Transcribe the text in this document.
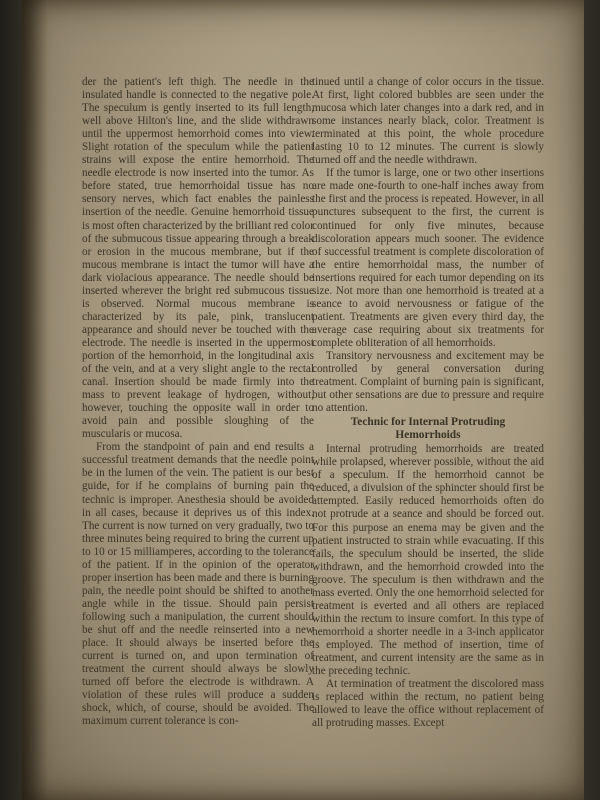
der the patient's left thigh. The needle in the insulated handle is connected to the negative pole. The speculum is gently inserted to its full length, well above Hilton's line, and the slide withdrawn until the uppermost hemorrhoid comes into view. Slight rotation of the speculum while the patient strains will expose the entire hemorrhoid. The needle electrode is now inserted into the tumor. As before stated, true hemorrhoidal tissue has no sensory nerves, which fact enables the painless insertion of the needle. Genuine hemorrhoid tissue is most often characterized by the brilliant red color of the submucous tissue appearing through a break or erosion in the mucous membrane, but if the mucous membrane is intact the tumor will have a dark violacious appearance. The needle should be inserted wherever the bright red submucous tissue is observed. Normal mucous membrane is characterized by its pale, pink, translucent appearance and should never be touched with the electrode. The needle is inserted in the uppermost portion of the hemorrhoid, in the longitudinal axis of the vein, and at a very slight angle to the rectal canal. Insertion should be made firmly into the mass to prevent leakage of hydrogen, without, however, touching the opposite wall in order to avoid pain and possible sloughing of the muscularis or mucosa.

From the standpoint of pain and end results a successful treatment demands that the needle point be in the lumen of the vein. The patient is our best guide, for if he complains of burning pain the technic is improper. Anesthesia should be avoided in all cases, because it deprives us of this index. The current is now turned on very gradually, two to three minutes being required to bring the current up to 10 or 15 milliamperes, according to the tolerance of the patient. If in the opinion of the operator proper insertion has been made and there is burning pain, the needle point should be shifted to another angle while in the tissue. Should pain persist following such a manipulation, the current should be shut off and the needle reinserted into a new place. It should always be inserted before the current is turned on, and upon termination of treatment the current should always be slowly turned off before the electrode is withdrawn. A violation of these rules will produce a sudden shock, which, of course, should be avoided. The maximum current tolerance is con-

tinued until a change of color occurs in the tissue. At first, light colored bubbles are seen under the mucosa which later changes into a dark red, and in some instances nearly black, color. Treatment is terminated at this point, the whole procedure lasting 10 to 12 minutes. The current is slowly turned off and the needle withdrawn.

If the tumor is large, one or two other insertions are made one-fourth to one-half inches away from the first and the process is repeated. However, in all punctures subsequent to the first, the current is continued for only five minutes, because discoloration appears much sooner. The evidence of successful treatment is complete discoloration of the entire hemorrhoidal mass, the number of insertions required for each tumor depending on its size. Not more than one hemorrhoid is treated at a seance to avoid nervousness or fatigue of the patient. Treatments are given every third day, the average case requiring about six treatments for complete obliteration of all hemorrhoids.

Transitory nervousness and excitement may be controlled by general conversation during treatment. Complaint of burning pain is significant, but other sensations are due to pressure and require no attention.

Technic for Internal Protruding
Hemorrhoids

Internal protruding hemorrhoids are treated while prolapsed, wherever possible, without the aid of a speculum. If the hemorrhoid cannot be reduced, a divulsion of the sphincter should first be attempted. Easily reduced hemorrhoids often do not protrude at a seance and should be forced out. For this purpose an enema may be given and the patient instructed to strain while evacuating. If this fails, the speculum should be inserted, the slide withdrawn, and the hemorrhoid crowded into the groove. The speculum is then withdrawn and the mass everted. Only the one hemorrhoid selected for treatment is everted and all others are replaced within the rectum to insure comfort. In this type of hemorrhoid a shorter needle in a 3-inch applicator is employed. The method of insertion, time of treatment, and current intensity are the same as in the preceding technic.

At termination of treatment the discolored mass is replaced within the rectum, no patient being allowed to leave the office without replacement of all protruding masses. Except
